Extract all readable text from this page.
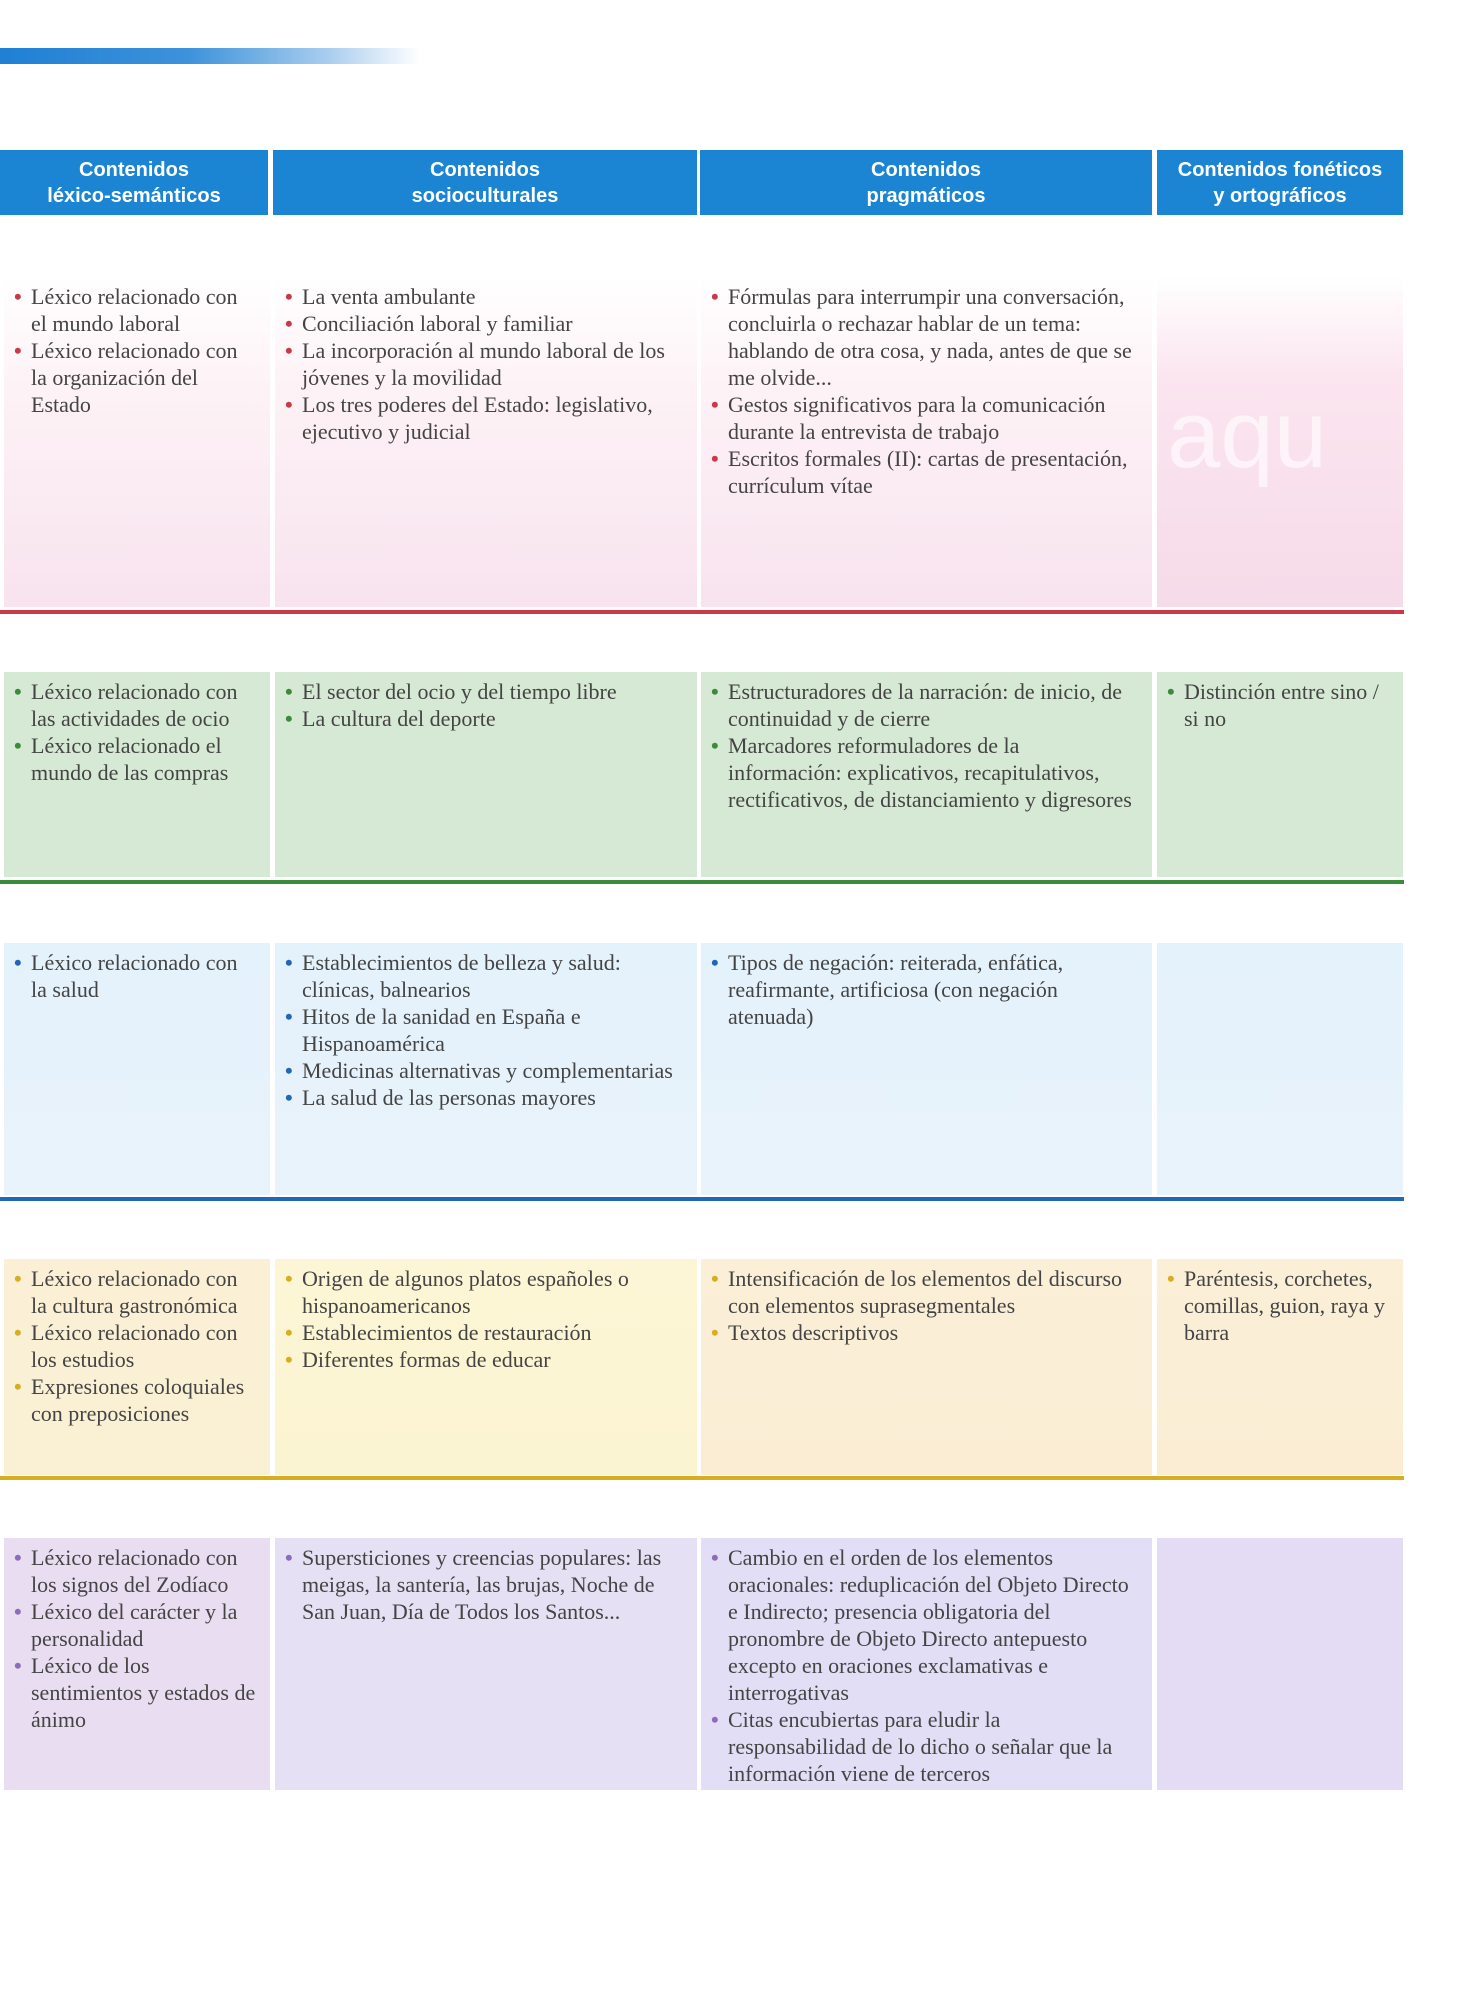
Contenidos
léxico-semánticos
Contenidos
socioculturales
Contenidos
pragmáticos
Contenidos fonéticos
y ortográficos
• Léxico relacionado con el mundo laboral
• Léxico relacionado con la organización del Estado
• La venta ambulante
• Conciliación laboral y familiar
• La incorporación al mundo laboral de los jóvenes y la movilidad
• Los tres poderes del Estado: legislativo, ejecutivo y judicial
• Fórmulas para interrumpir una conversación, concluirla o rechazar hablar de un tema: hablando de otra cosa, y nada, antes de que se me olvide...
• Gestos significativos para la comunicación durante la entrevista de trabajo
• Escritos formales (II): cartas de presentación, currículum vítae	aqu
• Léxico relacionado con las actividades de ocio
• Léxico relacionado el mundo de las compras
• El sector del ocio y del tiempo libre
• La cultura del deporte
• Estructuradores de la narración: de inicio, de continuidad y de cierre
• Marcadores reformuladores de la información: explicativos, recapitulativos, rectificativos, de distanciamiento y digresores
• Distinción entre sino / si no
• Léxico relacionado con la salud
• Establecimientos de belleza y salud: clínicas, balnearios
• Hitos de la sanidad en España e Hispanoamérica
• Medicinas alternativas y complementarias
• La salud de las personas mayores
• Tipos de negación: reiterada, enfática, reafirmante, artificiosa (con negación atenuada)
• Léxico relacionado con la cultura gastronómica
• Léxico relacionado con los estudios
• Expresiones coloquiales con preposiciones
• Origen de algunos platos españoles o hispanoamericanos
• Establecimientos de restauración
• Diferentes formas de educar
• Intensificación de los elementos del discurso con elementos suprasegmentales
• Textos descriptivos
• Paréntesis, corchetes, comillas, guion, raya y barra
• Léxico relacionado con los signos del Zodíaco
• Léxico del carácter y la personalidad
• Léxico de los sentimientos y estados de ánimo
• Supersticiones y creencias populares: las meigas, la santería, las brujas, Noche de San Juan, Día de Todos los Santos...
• Cambio en el orden de los elementos oracionales: reduplicación del Objeto Directo e Indirecto; presencia obligatoria del pronombre de Objeto Directo antepuesto excepto en oraciones exclamativas e interrogativas
• Citas encubiertas para eludir la responsabilidad de lo dicho o señalar que la información viene de terceros
